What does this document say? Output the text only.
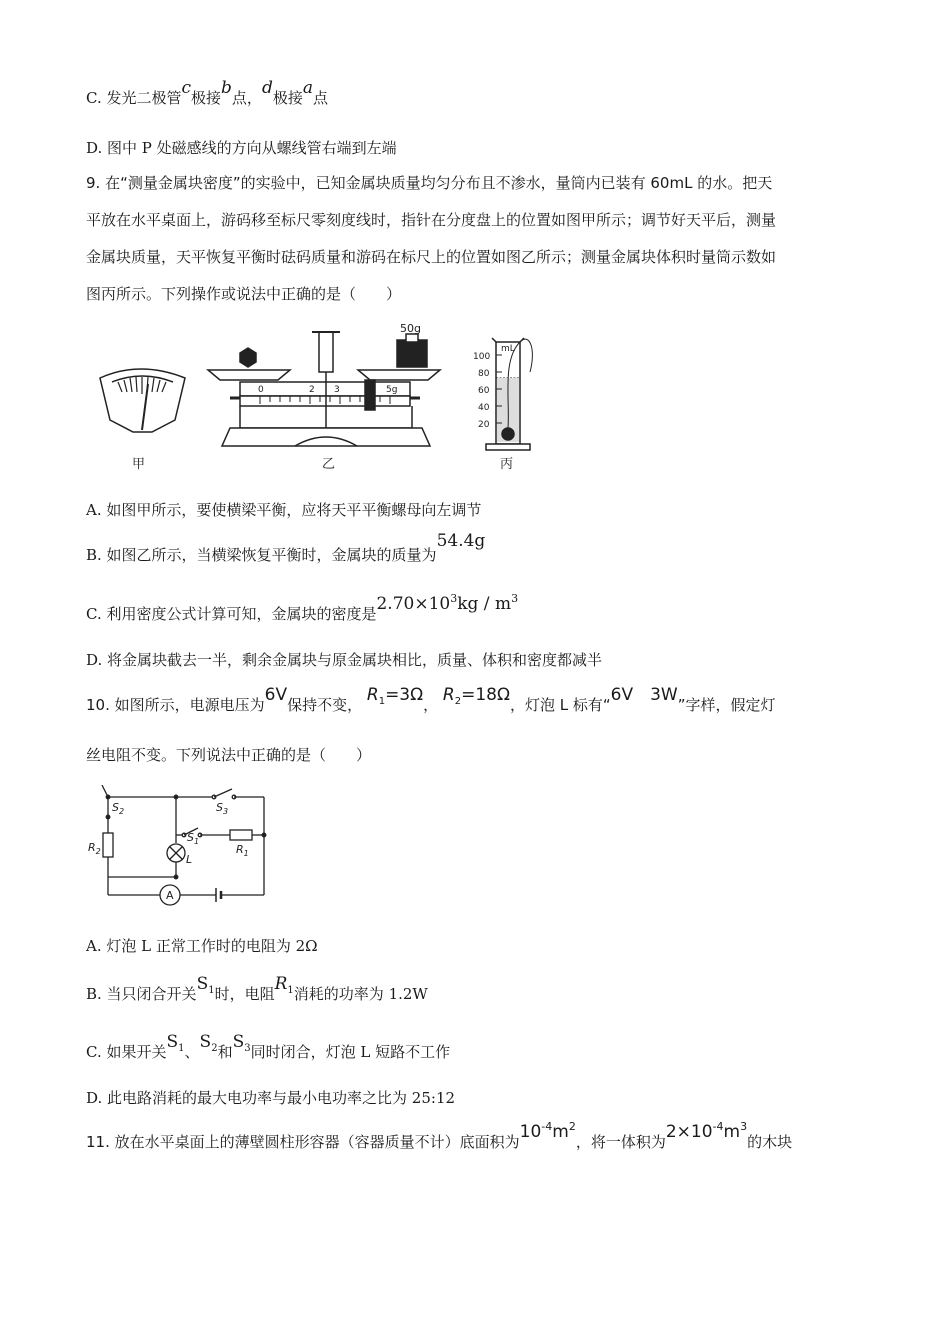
C. 发光二极管c极接b点，d极接a点
D. 图中 P 处磁感线的方向从螺线管右端到左端
9. 在“测量金属块密度”的实验中，已知金属块质量均匀分布且不渗水，量筒内已装有 60mL 的水。把天
平放在水平桌面上，游码移至标尺零刻度线时，指针在分度盘上的位置如图甲所示；调节好天平后，测量
金属块质量，天平恢复平衡时砝码质量和游码在标尺上的位置如图乙所示；测量金属块体积时量筒示数如
图丙所示。下列操作或说法中正确的是（　　）
甲
0	2 3	5g
50g
乙
mL
100
80
60
40
20
丙
A. 如图甲所示，要使横梁平衡，应将天平平衡螺母向左调节
B. 如图乙所示，当横梁恢复平衡时，金属块的质量为54.4g
C. 利用密度公式计算可知，金属块的密度是$2.70\times 10^3kg / m^3$
D. 将金属块截去一半，剩余金属块与原金属块相比，质量、体积和密度都减半
10. 如图所示，电源电压为6V保持不变， $R_1=3\Omega$， $R_2=18\Omega$，灯泡 L 标有“6V　3W”字样，假定灯
丝电阻不变。下列说法中正确的是（　　）
$S_2$	$S_3$
$S_1$
$R_2$	$R_1$
L
A
A. 灯泡 L 正常工作时的电阻为 2Ω
B. 当只闭合开关$S_1$时，电阻$R_1$消耗的功率为 1.2W
C. 如果开关$S_1$、$S_2$和$S_3$同时闭合，灯泡 L 短路不工作
D. 此电路消耗的最大电功率与最小电功率之比为 25:12
11. 放在水平桌面上的薄壁圆柱形容器（容器质量不计）底面积为$10^{-4}m^2$，将一体积为$2\times 10^{-4}m^3$的木块
